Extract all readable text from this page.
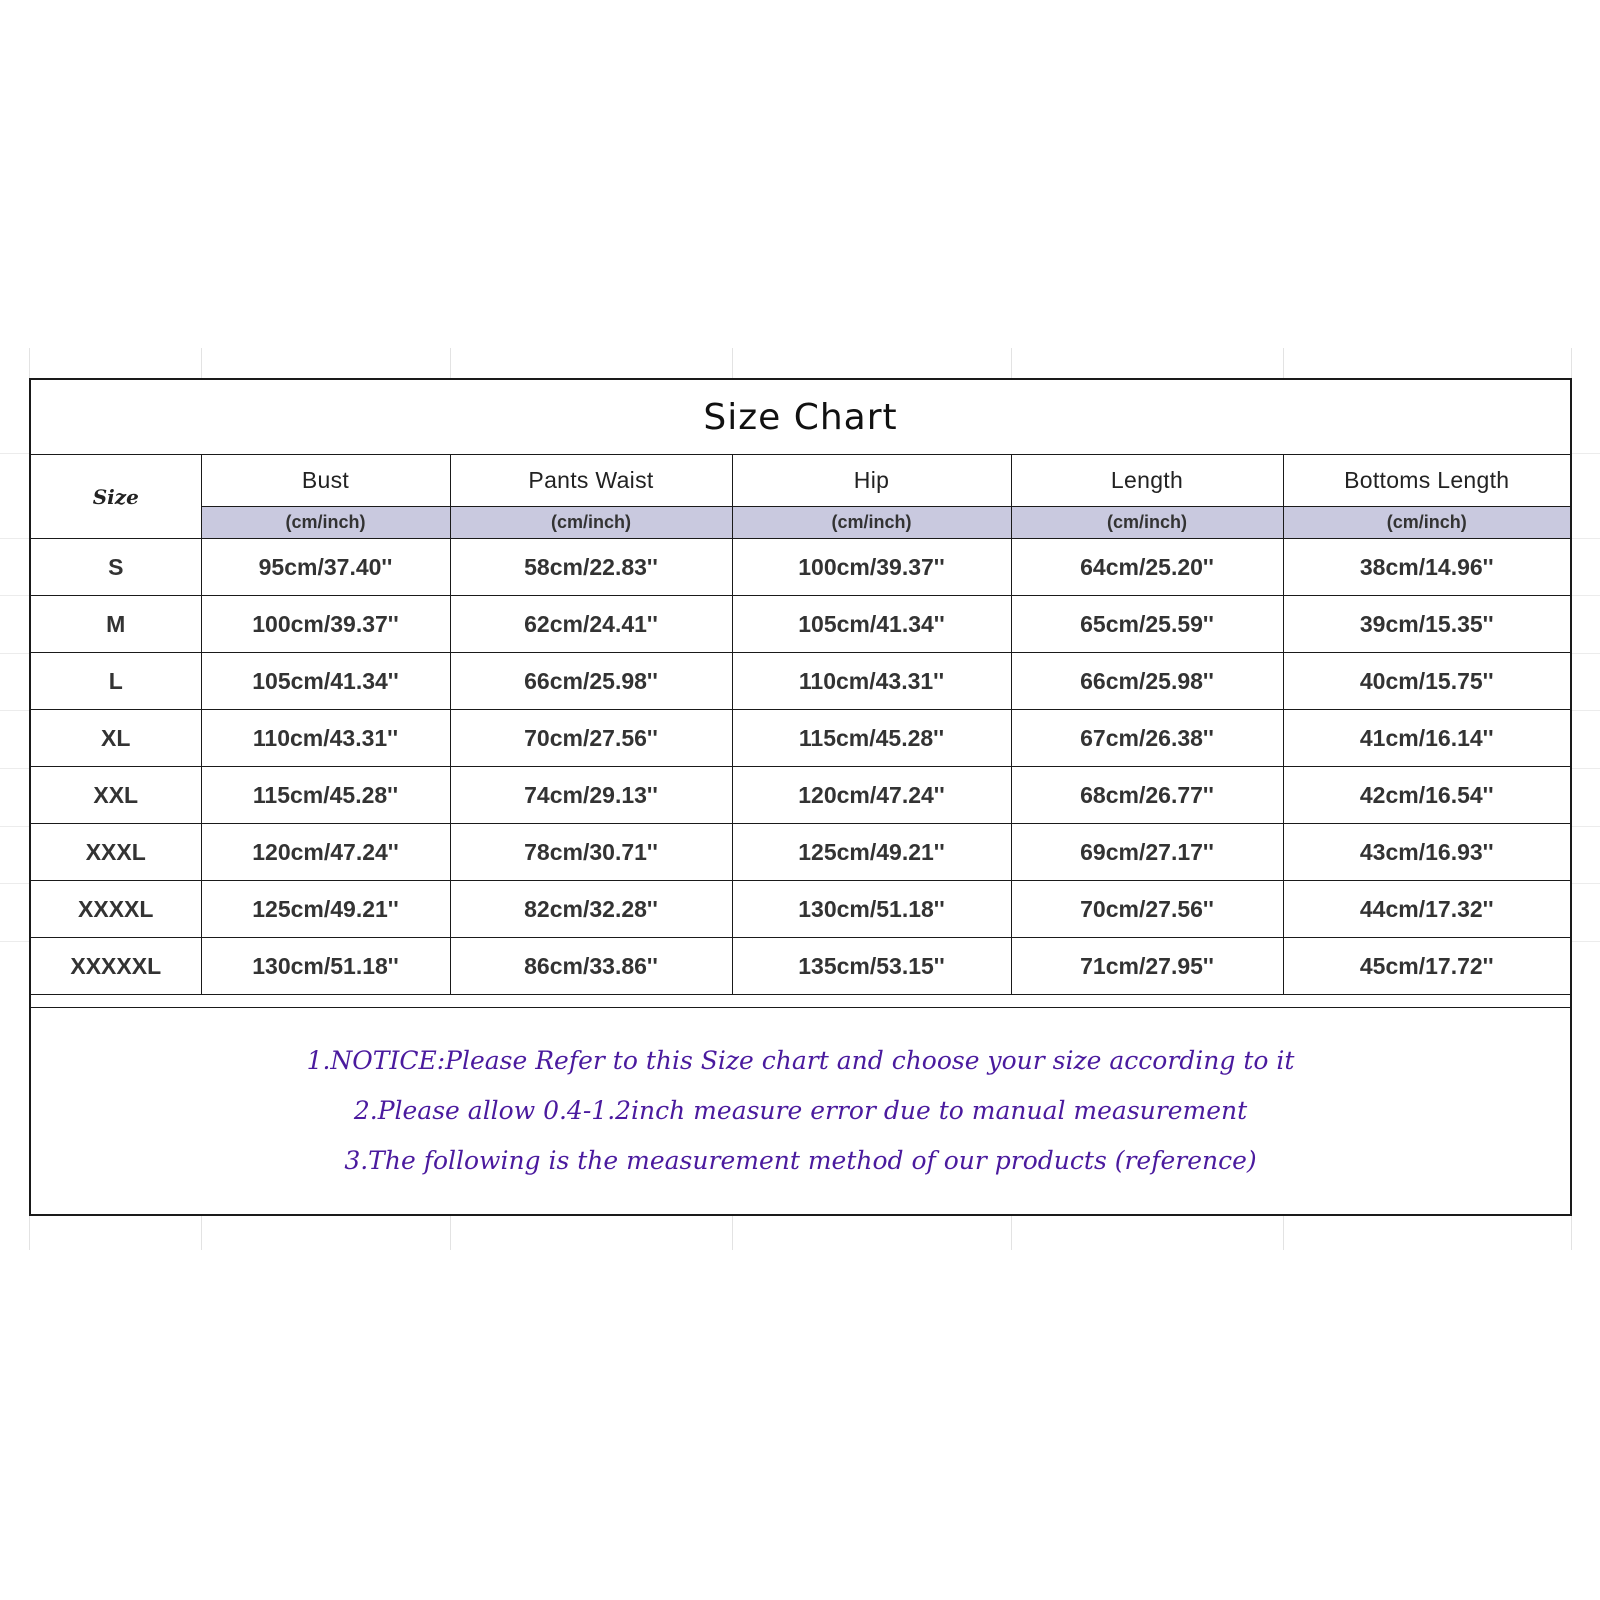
Size Chart
Size	Bust	Pants Waist	Hip	Length	Bottoms Length
	(cm/inch)	(cm/inch)	(cm/inch)	(cm/inch)	(cm/inch)
S	95cm/37.40''	58cm/22.83''	100cm/39.37''	64cm/25.20''	38cm/14.96''
M	100cm/39.37''	62cm/24.41''	105cm/41.34''	65cm/25.59''	39cm/15.35''
L	105cm/41.34''	66cm/25.98''	110cm/43.31''	66cm/25.98''	40cm/15.75''
XL	110cm/43.31''	70cm/27.56''	115cm/45.28''	67cm/26.38''	41cm/16.14''
XXL	115cm/45.28''	74cm/29.13''	120cm/47.24''	68cm/26.77''	42cm/16.54''
XXXL	120cm/47.24''	78cm/30.71''	125cm/49.21''	69cm/27.17''	43cm/16.93''
XXXXL	125cm/49.21''	82cm/32.28''	130cm/51.18''	70cm/27.56''	44cm/17.32''
XXXXXL	130cm/51.18''	86cm/33.86''	135cm/53.15''	71cm/27.95''	45cm/17.72''
1.NOTICE:Please Refer to this Size chart and choose your size according to it
2.Please allow 0.4-1.2inch measure error due to manual measurement
3.The following is the measurement method of our products (reference)
